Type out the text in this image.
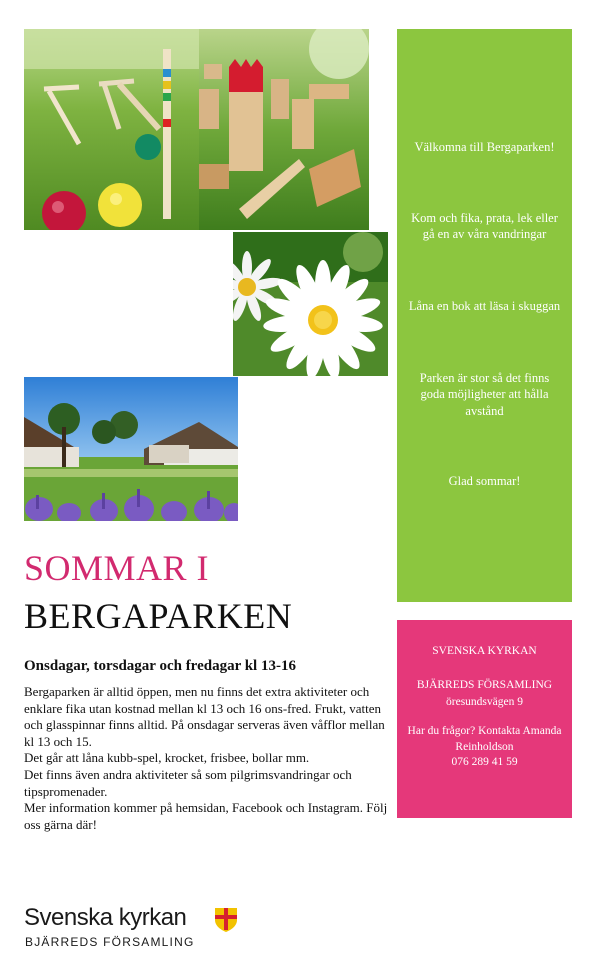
Välkomna till Bergaparken!
Kom och fika, prata, lek eller gå en av våra vandringar
Låna en bok att läsa i skuggan
Parken är stor så det finns goda möjligheter att hålla avstånd
Glad sommar!
SVENSKA KYRKAN
BJÄRREDS FÖRSAMLING
öresundsvägen 9
Har du frågor? Kontakta Amanda Reinholdson
076 289 41 59
SOMMAR I
BERGAPARKEN
Onsdagar, torsdagar och fredagar kl 13-16

Bergaparken är alltid öppen, men nu finns det extra aktiviteter och enklare fika utan kostnad mellan kl 13 och 16 ons-fred. Frukt, vatten och glasspinnar finns alltid. På onsdagar serveras även våfflor mellan kl 13 och 15.

Det går att låna kubb-spel, krocket, frisbee, bollar mm.

Det finns även andra aktiviteter så som pilgrimsvandringar och tipspromenader.

Mer information kommer på hemsidan, Facebook och Instagram. Följ oss gärna där!

Svenska kyrkan
BJÄRREDS FÖRSAMLING
